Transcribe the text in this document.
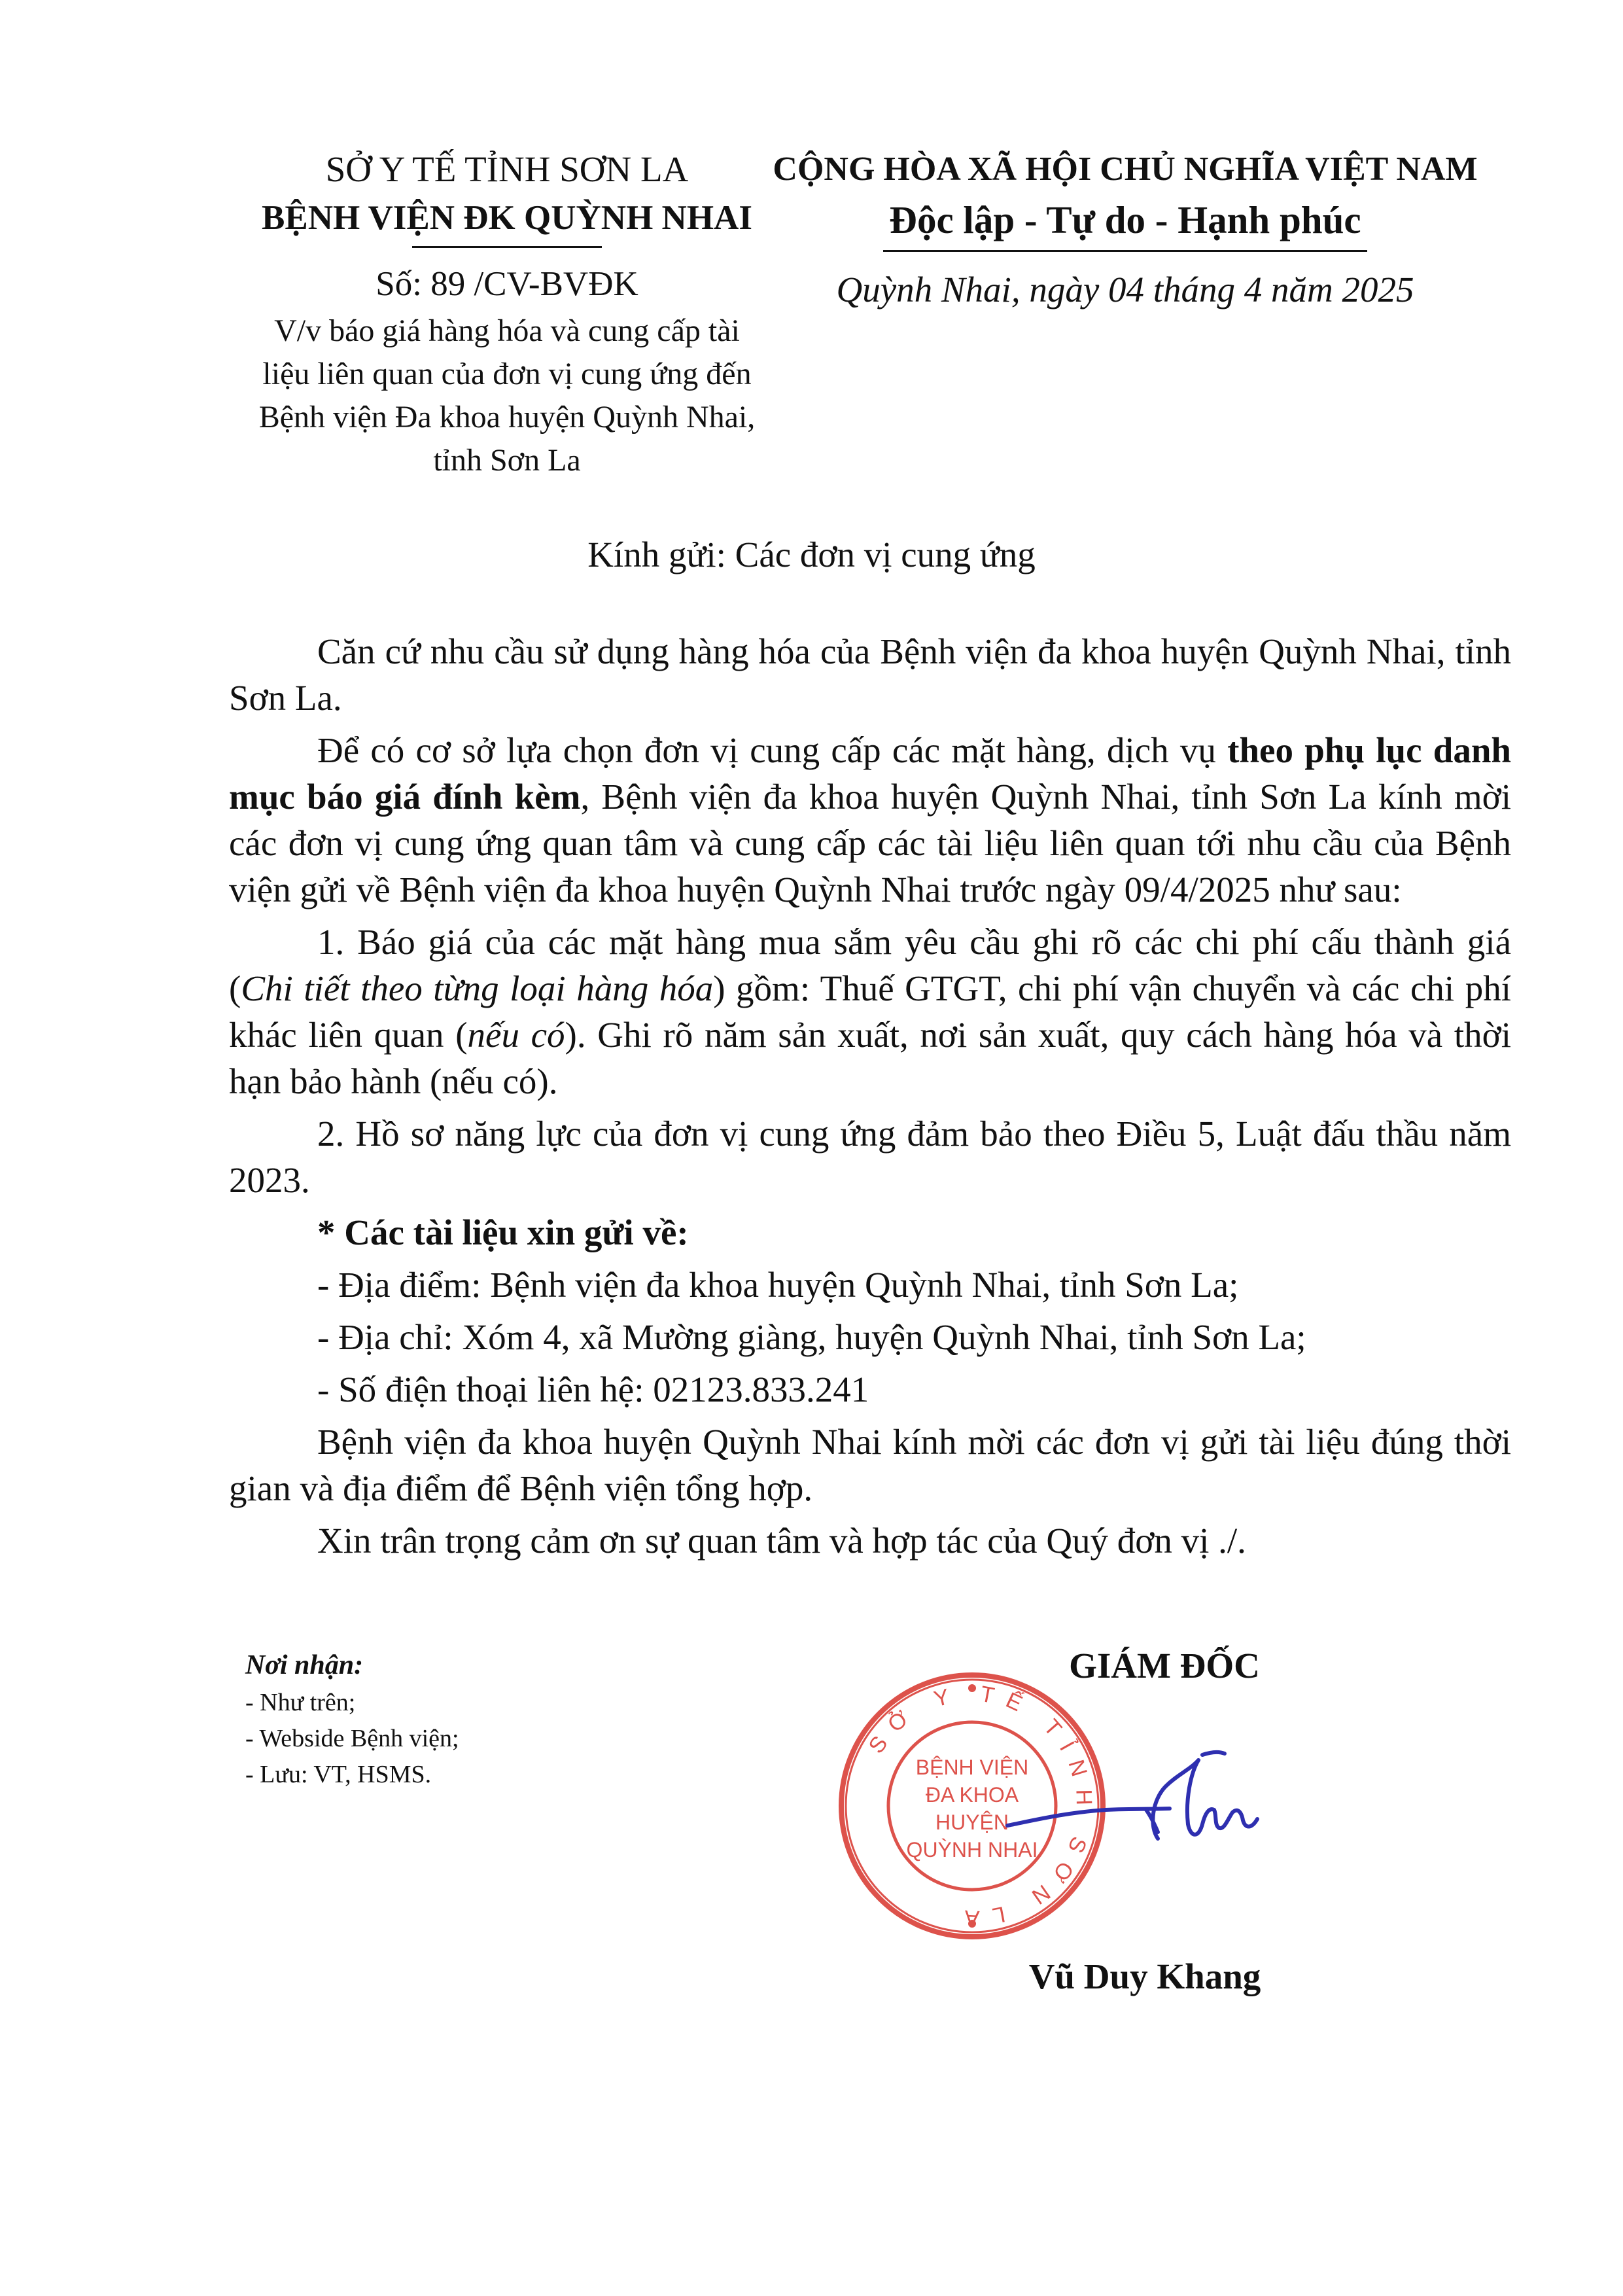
SỞ Y TẾ TỈNH SƠN LA
BỆNH VIỆN ĐK QUỲNH NHAI
Số: 89 /CV-BVĐK
V/v báo giá hàng hóa và cung cấp tài
liệu liên quan của đơn vị cung ứng đến
Bệnh viện Đa khoa huyện Quỳnh Nhai,
tỉnh Sơn La
CỘNG HÒA XÃ HỘI CHỦ NGHĨA VIỆT NAM
Độc lập - Tự do - Hạnh phúc
Quỳnh Nhai, ngày 04 tháng 4 năm 2025
Kính gửi: Các đơn vị cung ứng

Căn cứ nhu cầu sử dụng hàng hóa của Bệnh viện đa khoa huyện Quỳnh Nhai, tỉnh Sơn La.

Để có cơ sở lựa chọn đơn vị cung cấp các mặt hàng, dịch vụ theo phụ lục danh mục báo giá đính kèm, Bệnh viện đa khoa huyện Quỳnh Nhai, tỉnh Sơn La kính mời các đơn vị cung ứng quan tâm và cung cấp các tài liệu liên quan tới nhu cầu của Bệnh viện gửi về Bệnh viện đa khoa huyện Quỳnh Nhai trước ngày 09/4/2025 như sau:

1. Báo giá của các mặt hàng mua sắm yêu cầu ghi rõ các chi phí cấu thành giá (Chi tiết theo từng loại hàng hóa) gồm: Thuế GTGT, chi phí vận chuyển và các chi phí khác liên quan (nếu có). Ghi rõ năm sản xuất, nơi sản xuất, quy cách hàng hóa và thời hạn bảo hành (nếu có).

2. Hồ sơ năng lực của đơn vị cung ứng đảm bảo theo Điều 5, Luật đấu thầu năm 2023.

* Các tài liệu xin gửi về:

- Địa điểm: Bệnh viện đa khoa huyện Quỳnh Nhai, tỉnh Sơn La;

- Địa chỉ: Xóm 4, xã Mường giàng, huyện Quỳnh Nhai, tỉnh Sơn La;

- Số điện thoại liên hệ: 02123.833.241

Bệnh viện đa khoa huyện Quỳnh Nhai kính mời các đơn vị gửi tài liệu đúng thời gian và địa điểm để Bệnh viện tổng hợp.

Xin trân trọng cảm ơn sự quan tâm và hợp tác của Quý đơn vị ./.

Nơi nhận:
- Như trên;
- Webside Bệnh viện;
- Lưu: VT, HSMS.
GIÁM ĐỐC
SỞ Y TẾ TỈNH SƠN LA
BỆNH VIỆN
ĐA KHOA
HUYỆN
QUỲNH NHAI
Vũ Duy Khang
